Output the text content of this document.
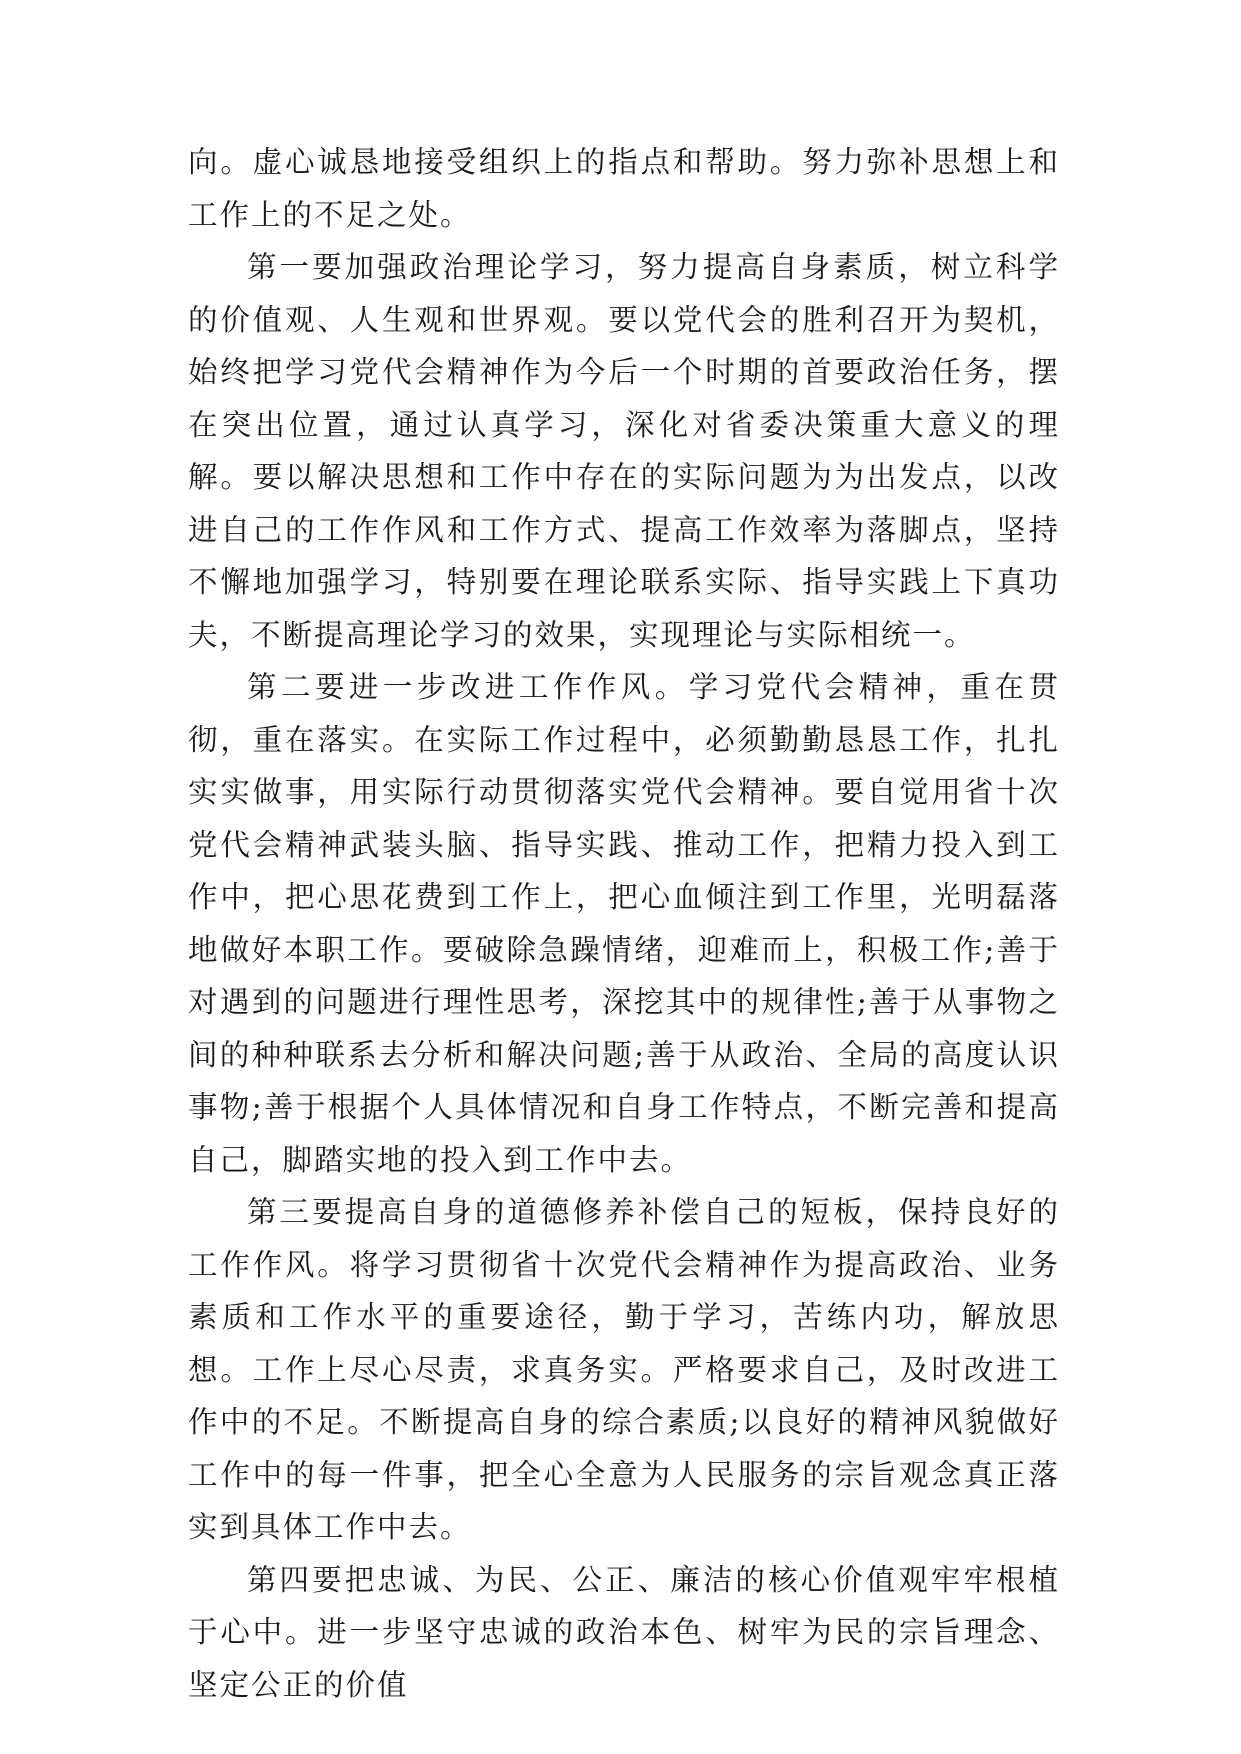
向。虚心诚恳地接受组织上的指点和帮助。努力弥补思想上和工作上的不足之处。

第一要加强政治理论学习，努力提高自身素质，树立科学的价值观、人生观和世界观。要以党代会的胜利召开为契机，始终把学习党代会精神作为今后一个时期的首要政治任务，摆在突出位置，通过认真学习，深化对省委决策重大意义的理解。要以解决思想和工作中存在的实际问题为为出发点，以改进自己的工作作风和工作方式、提高工作效率为落脚点，坚持不懈地加强学习，特别要在理论联系实际、指导实践上下真功夫，不断提高理论学习的效果，实现理论与实际相统一。

第二要进一步改进工作作风。学习党代会精神，重在贯彻，重在落实。在实际工作过程中，必须勤勤恳恳工作，扎扎实实做事，用实际行动贯彻落实党代会精神。要自觉用省十次党代会精神武装头脑、指导实践、推动工作，把精力投入到工作中，把心思花费到工作上，把心血倾注到工作里，光明磊落地做好本职工作。要破除急躁情绪，迎难而上，积极工作;善于对遇到的问题进行理性思考，深挖其中的规律性;善于从事物之间的种种联系去分析和解决问题;善于从政治、全局的高度认识事物;善于根据个人具体情况和自身工作特点，不断完善和提高自己，脚踏实地的投入到工作中去。

第三要提高自身的道德修养补偿自己的短板，保持良好的工作作风。将学习贯彻省十次党代会精神作为提高政治、业务素质和工作水平的重要途径，勤于学习，苦练内功，解放思想。工作上尽心尽责，求真务实。严格要求自己，及时改进工作中的不足。不断提高自身的综合素质;以良好的精神风貌做好工作中的每一件事，把全心全意为人民服务的宗旨观念真正落实到具体工作中去。

第四要把忠诚、为民、公正、廉洁的核心价值观牢牢根植于心中。进一步坚守忠诚的政治本色、树牢为民的宗旨理念、坚定公正的价值
